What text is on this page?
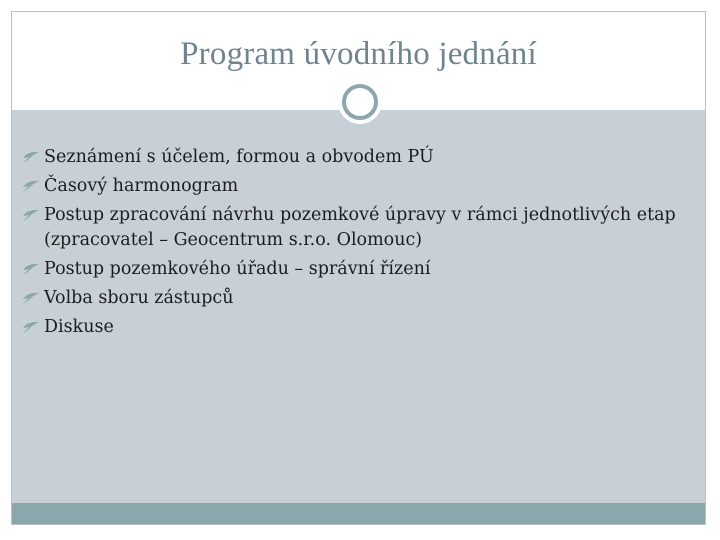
Program úvodního jednání
Seznámení s účelem, formou a obvodem PÚ
Časový harmonogram
Postup zpracování návrhu pozemkové úpravy v rámci jednotlivých etap (zpracovatel – Geocentrum s.r.o. Olomouc)
Postup pozemkového úřadu – správní řízení
Volba sboru zástupců
Diskuse
